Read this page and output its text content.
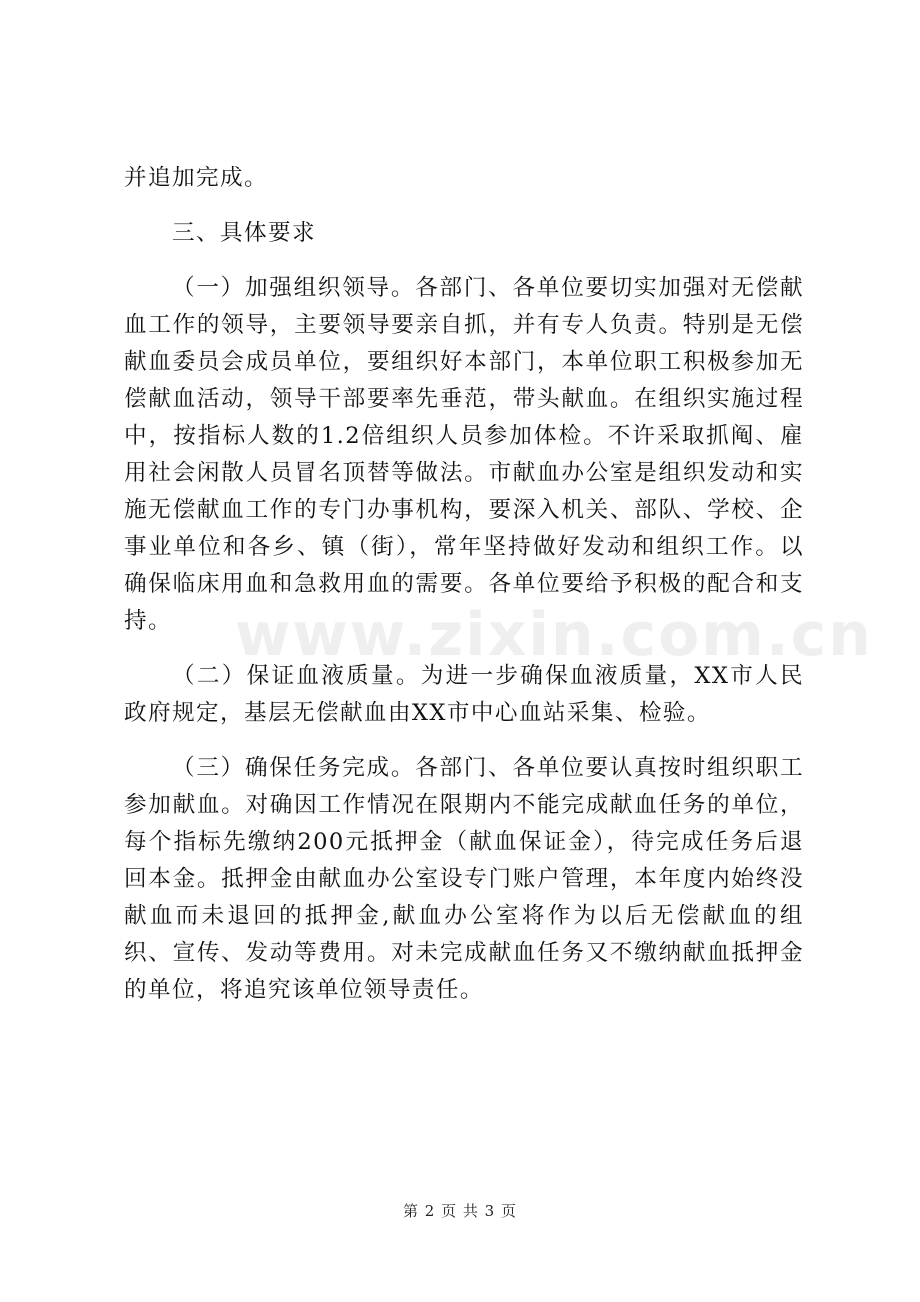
www.zixin.com.cn

并追加完成。

三、具体要求

（一）加强组织领导。各部门、各单位要切实加强对无偿献血工作的领导，主要领导要亲自抓，并有专人负责。特别是无偿献血委员会成员单位，要组织好本部门，本单位职工积极参加无偿献血活动，领导干部要率先垂范，带头献血。在组织实施过程中，按指标人数的1.2倍组织人员参加体检。不许采取抓阄、雇用社会闲散人员冒名顶替等做法。市献血办公室是组织发动和实施无偿献血工作的专门办事机构，要深入机关、部队、学校、企事业单位和各乡、镇（街），常年坚持做好发动和组织工作。以确保临床用血和急救用血的需要。各单位要给予积极的配合和支持。

（二）保证血液质量。为进一步确保血液质量，XX市人民政府规定，基层无偿献血由XX市中心血站采集、检验。

（三）确保任务完成。各部门、各单位要认真按时组织职工参加献血。对确因工作情况在限期内不能完成献血任务的单位，每个指标先缴纳200元抵押金（献血保证金），待完成任务后退回本金。抵押金由献血办公室设专门账户管理，本年度内始终没献血而未退回的抵押金,献血办公室将作为以后无偿献血的组织、宣传、发动等费用。对未完成献血任务又不缴纳献血抵押金的单位，将追究该单位领导责任。

第 2 页 共 3 页
